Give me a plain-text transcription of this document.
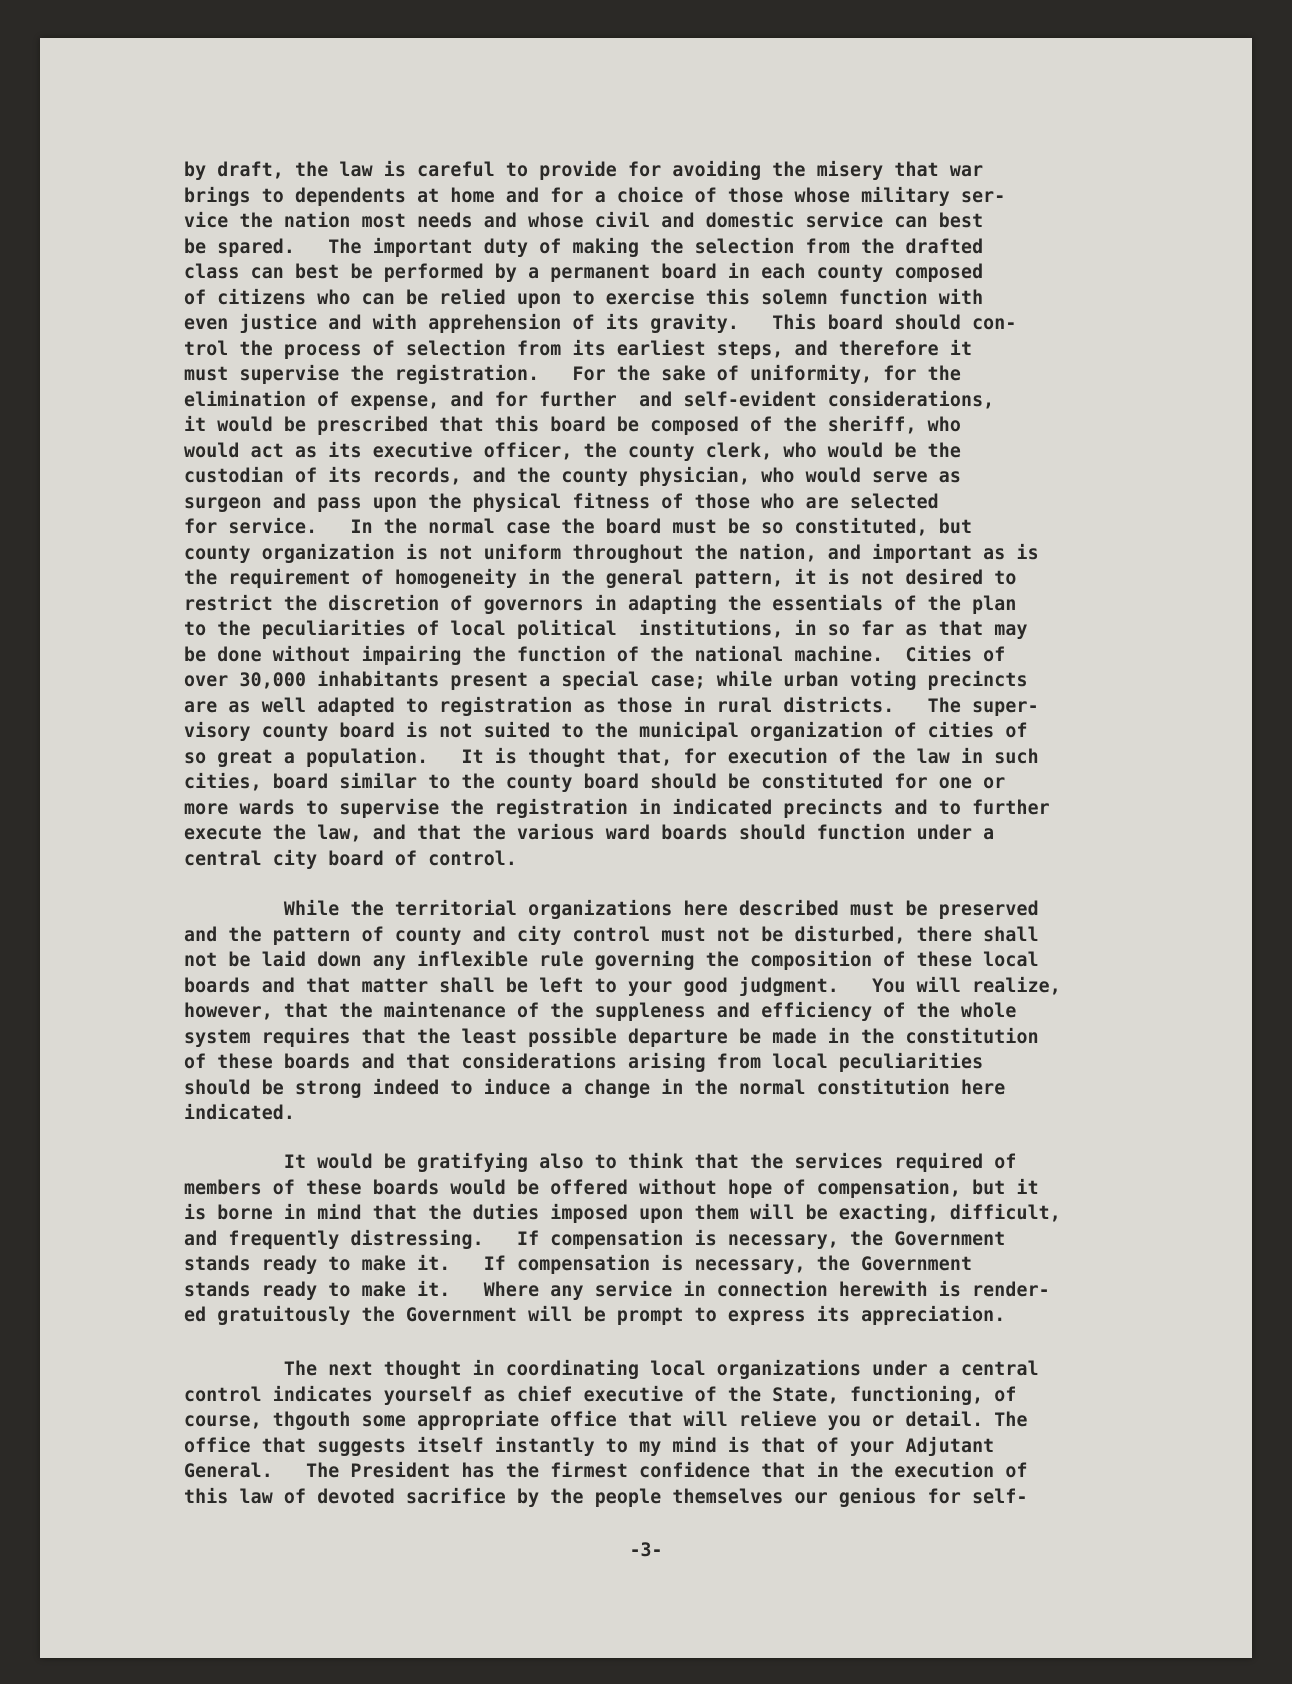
by draft, the law is careful to provide for avoiding the misery that war
brings to dependents at home and for a choice of those whose military ser-
vice the nation most needs and whose civil and domestic service can best
be spared.   The important duty of making the selection from the drafted
class can best be performed by a permanent board in each county composed
of citizens who can be relied upon to exercise this solemn function with
even justice and with apprehension of its gravity.   This board should con-
trol the process of selection from its earliest steps, and therefore it
must supervise the registration.   For the sake of uniformity, for the
elimination of expense, and for further  and self-evident considerations,
it would be prescribed that this board be composed of the sheriff, who
would act as its executive officer, the county clerk, who would be the
custodian of its records, and the county physician, who would serve as
surgeon and pass upon the physical fitness of those who are selected
for service.   In the normal case the board must be so constituted, but
county organization is not uniform throughout the nation, and important as is
the requirement of homogeneity in the general pattern, it is not desired to
restrict the discretion of governors in adapting the essentials of the plan
to the peculiarities of local political  institutions, in so far as that may
be done without impairing the function of the national machine.  Cities of
over 30,000 inhabitants present a special case; while urban voting precincts
are as well adapted to registration as those in rural districts.   The super-
visory county board is not suited to the municipal organization of cities of
so great a population.   It is thought that, for execution of the law in such
cities, board similar to the county board should be constituted for one or
more wards to supervise the registration in indicated precincts and to further
execute the law, and that the various ward boards should function under a
central city board of control.
While the territorial organizations here described must be preserved
and the pattern of county and city control must not be disturbed, there shall
not be laid down any inflexible rule governing the composition of these local
boards and that matter shall be left to your good judgment.   You will realize,
however, that the maintenance of the suppleness and efficiency of the whole
system requires that the least possible departure be made in the constitution
of these boards and that considerations arising from local peculiarities
should be strong indeed to induce a change in the normal constitution here
indicated.
It would be gratifying also to think that the services required of
members of these boards would be offered without hope of compensation, but it
is borne in mind that the duties imposed upon them will be exacting, difficult,
and frequently distressing.   If compensation is necessary, the Government
stands ready to make it.   If compensation is necessary, the Government
stands ready to make it.   Where any service in connection herewith is render-
ed gratuitously the Government will be prompt to express its appreciation.
The next thought in coordinating local organizations under a central
control indicates yourself as chief executive of the State, functioning, of
course, thgouth some appropriate office that will relieve you or detail. The
office that suggests itself instantly to my mind is that of your Adjutant
General.   The President has the firmest confidence that in the execution of
this law of devoted sacrifice by the people themselves our genious for self-
-3-
